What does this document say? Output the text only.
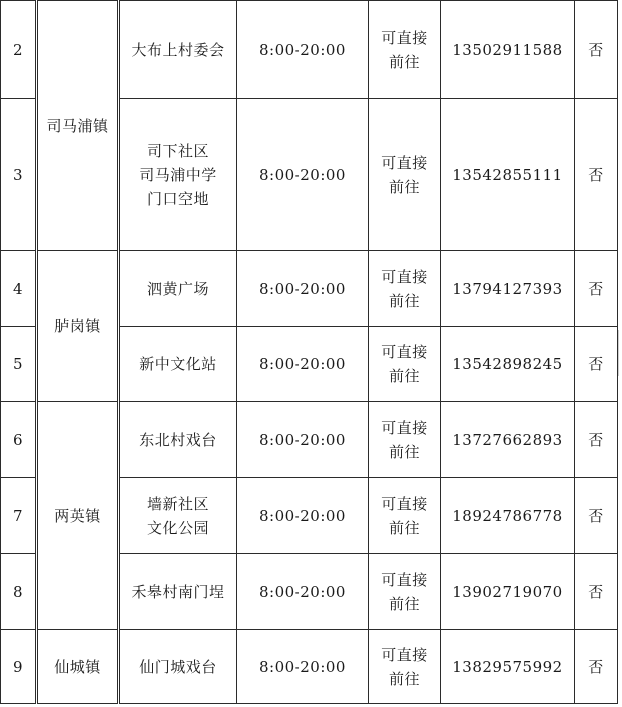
2	司马浦镇	大布上村委会	8:00-20:00	可直接
前往	13502911588	否
3		司下社区
司马浦中学
门口空地	8:00-20:00	可直接
前往	13542855111	否
4	胪岗镇	泗黄广场	8:00-20:00	可直接
前往	13794127393	否
5		新中文化站	8:00-20:00	可直接
前往	13542898245	否
6	两英镇	东北村戏台	8:00-20:00	可直接
前往	13727662893	否
7		墙新社区
文化公园	8:00-20:00	可直接
前往	18924786778	否
8		禾皋村南门埕	8:00-20:00	可直接
前往	13902719070	否
9	仙城镇	仙门城戏台	8:00-20:00	可直接
前往	13829575992	否
